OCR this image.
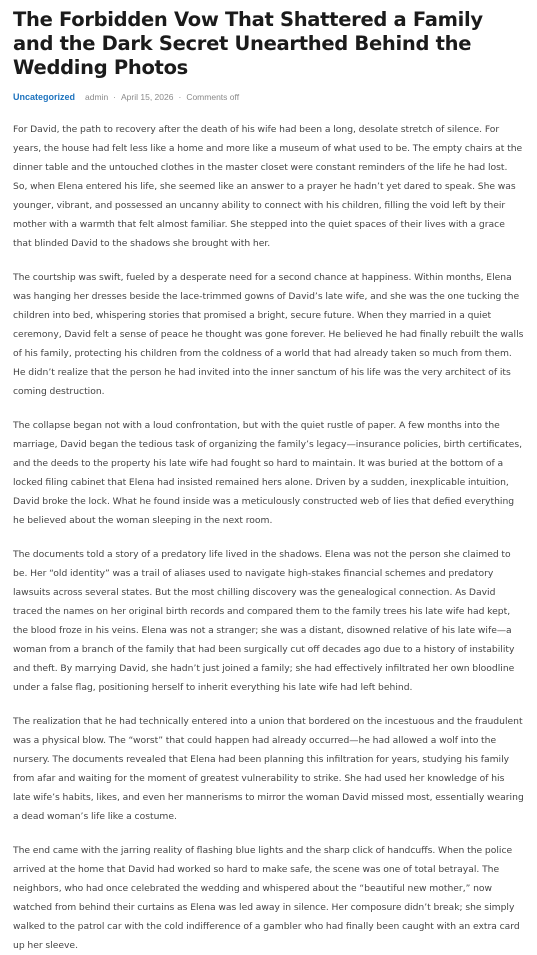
The Forbidden Vow That Shattered a Family and the Dark Secret Unearthed Behind the Wedding Photos
Uncategorized admin · April 15, 2026 · Comments off

For David, the path to recovery after the death of his wife had been a long, desolate stretch of silence. For years, the house had felt less like a home and more like a museum of what used to be. The empty chairs at the dinner table and the untouched clothes in the master closet were constant reminders of the life he had lost. So, when Elena entered his life, she seemed like an answer to a prayer he hadn’t yet dared to speak. She was younger, vibrant, and possessed an uncanny ability to connect with his children, filling the void left by their mother with a warmth that felt almost familiar. She stepped into the quiet spaces of their lives with a grace that blinded David to the shadows she brought with her.

The courtship was swift, fueled by a desperate need for a second chance at happiness. Within months, Elena was hanging her dresses beside the lace-trimmed gowns of David’s late wife, and she was the one tucking the children into bed, whispering stories that promised a bright, secure future. When they married in a quiet ceremony, David felt a sense of peace he thought was gone forever. He believed he had finally rebuilt the walls of his family, protecting his children from the coldness of a world that had already taken so much from them. He didn’t realize that the person he had invited into the inner sanctum of his life was the very architect of its coming destruction.

The collapse began not with a loud confrontation, but with the quiet rustle of paper. A few months into the marriage, David began the tedious task of organizing the family’s legacy—insurance policies, birth certificates, and the deeds to the property his late wife had fought so hard to maintain. It was buried at the bottom of a locked filing cabinet that Elena had insisted remained hers alone. Driven by a sudden, inexplicable intuition, David broke the lock. What he found inside was a meticulously constructed web of lies that defied everything he believed about the woman sleeping in the next room.

The documents told a story of a predatory life lived in the shadows. Elena was not the person she claimed to be. Her “old identity” was a trail of aliases used to navigate high-stakes financial schemes and predatory lawsuits across several states. But the most chilling discovery was the genealogical connection. As David traced the names on her original birth records and compared them to the family trees his late wife had kept, the blood froze in his veins. Elena was not a stranger; she was a distant, disowned relative of his late wife—a woman from a branch of the family that had been surgically cut off decades ago due to a history of instability and theft. By marrying David, she hadn’t just joined a family; she had effectively infiltrated her own bloodline under a false flag, positioning herself to inherit everything his late wife had left behind.

The realization that he had technically entered into a union that bordered on the incestuous and the fraudulent was a physical blow. The “worst” that could happen had already occurred—he had allowed a wolf into the nursery. The documents revealed that Elena had been planning this infiltration for years, studying his family from afar and waiting for the moment of greatest vulnerability to strike. She had used her knowledge of his late wife’s habits, likes, and even her mannerisms to mirror the woman David missed most, essentially wearing a dead woman’s life like a costume.

The end came with the jarring reality of flashing blue lights and the sharp click of handcuffs. When the police arrived at the home that David had worked so hard to make safe, the scene was one of total betrayal. The neighbors, who had once celebrated the wedding and whispered about the “beautiful new mother,” now watched from behind their curtains as Elena was led away in silence. Her composure didn’t break; she simply walked to the patrol car with the cold indifference of a gambler who had finally been caught with an extra card up her sleeve.
